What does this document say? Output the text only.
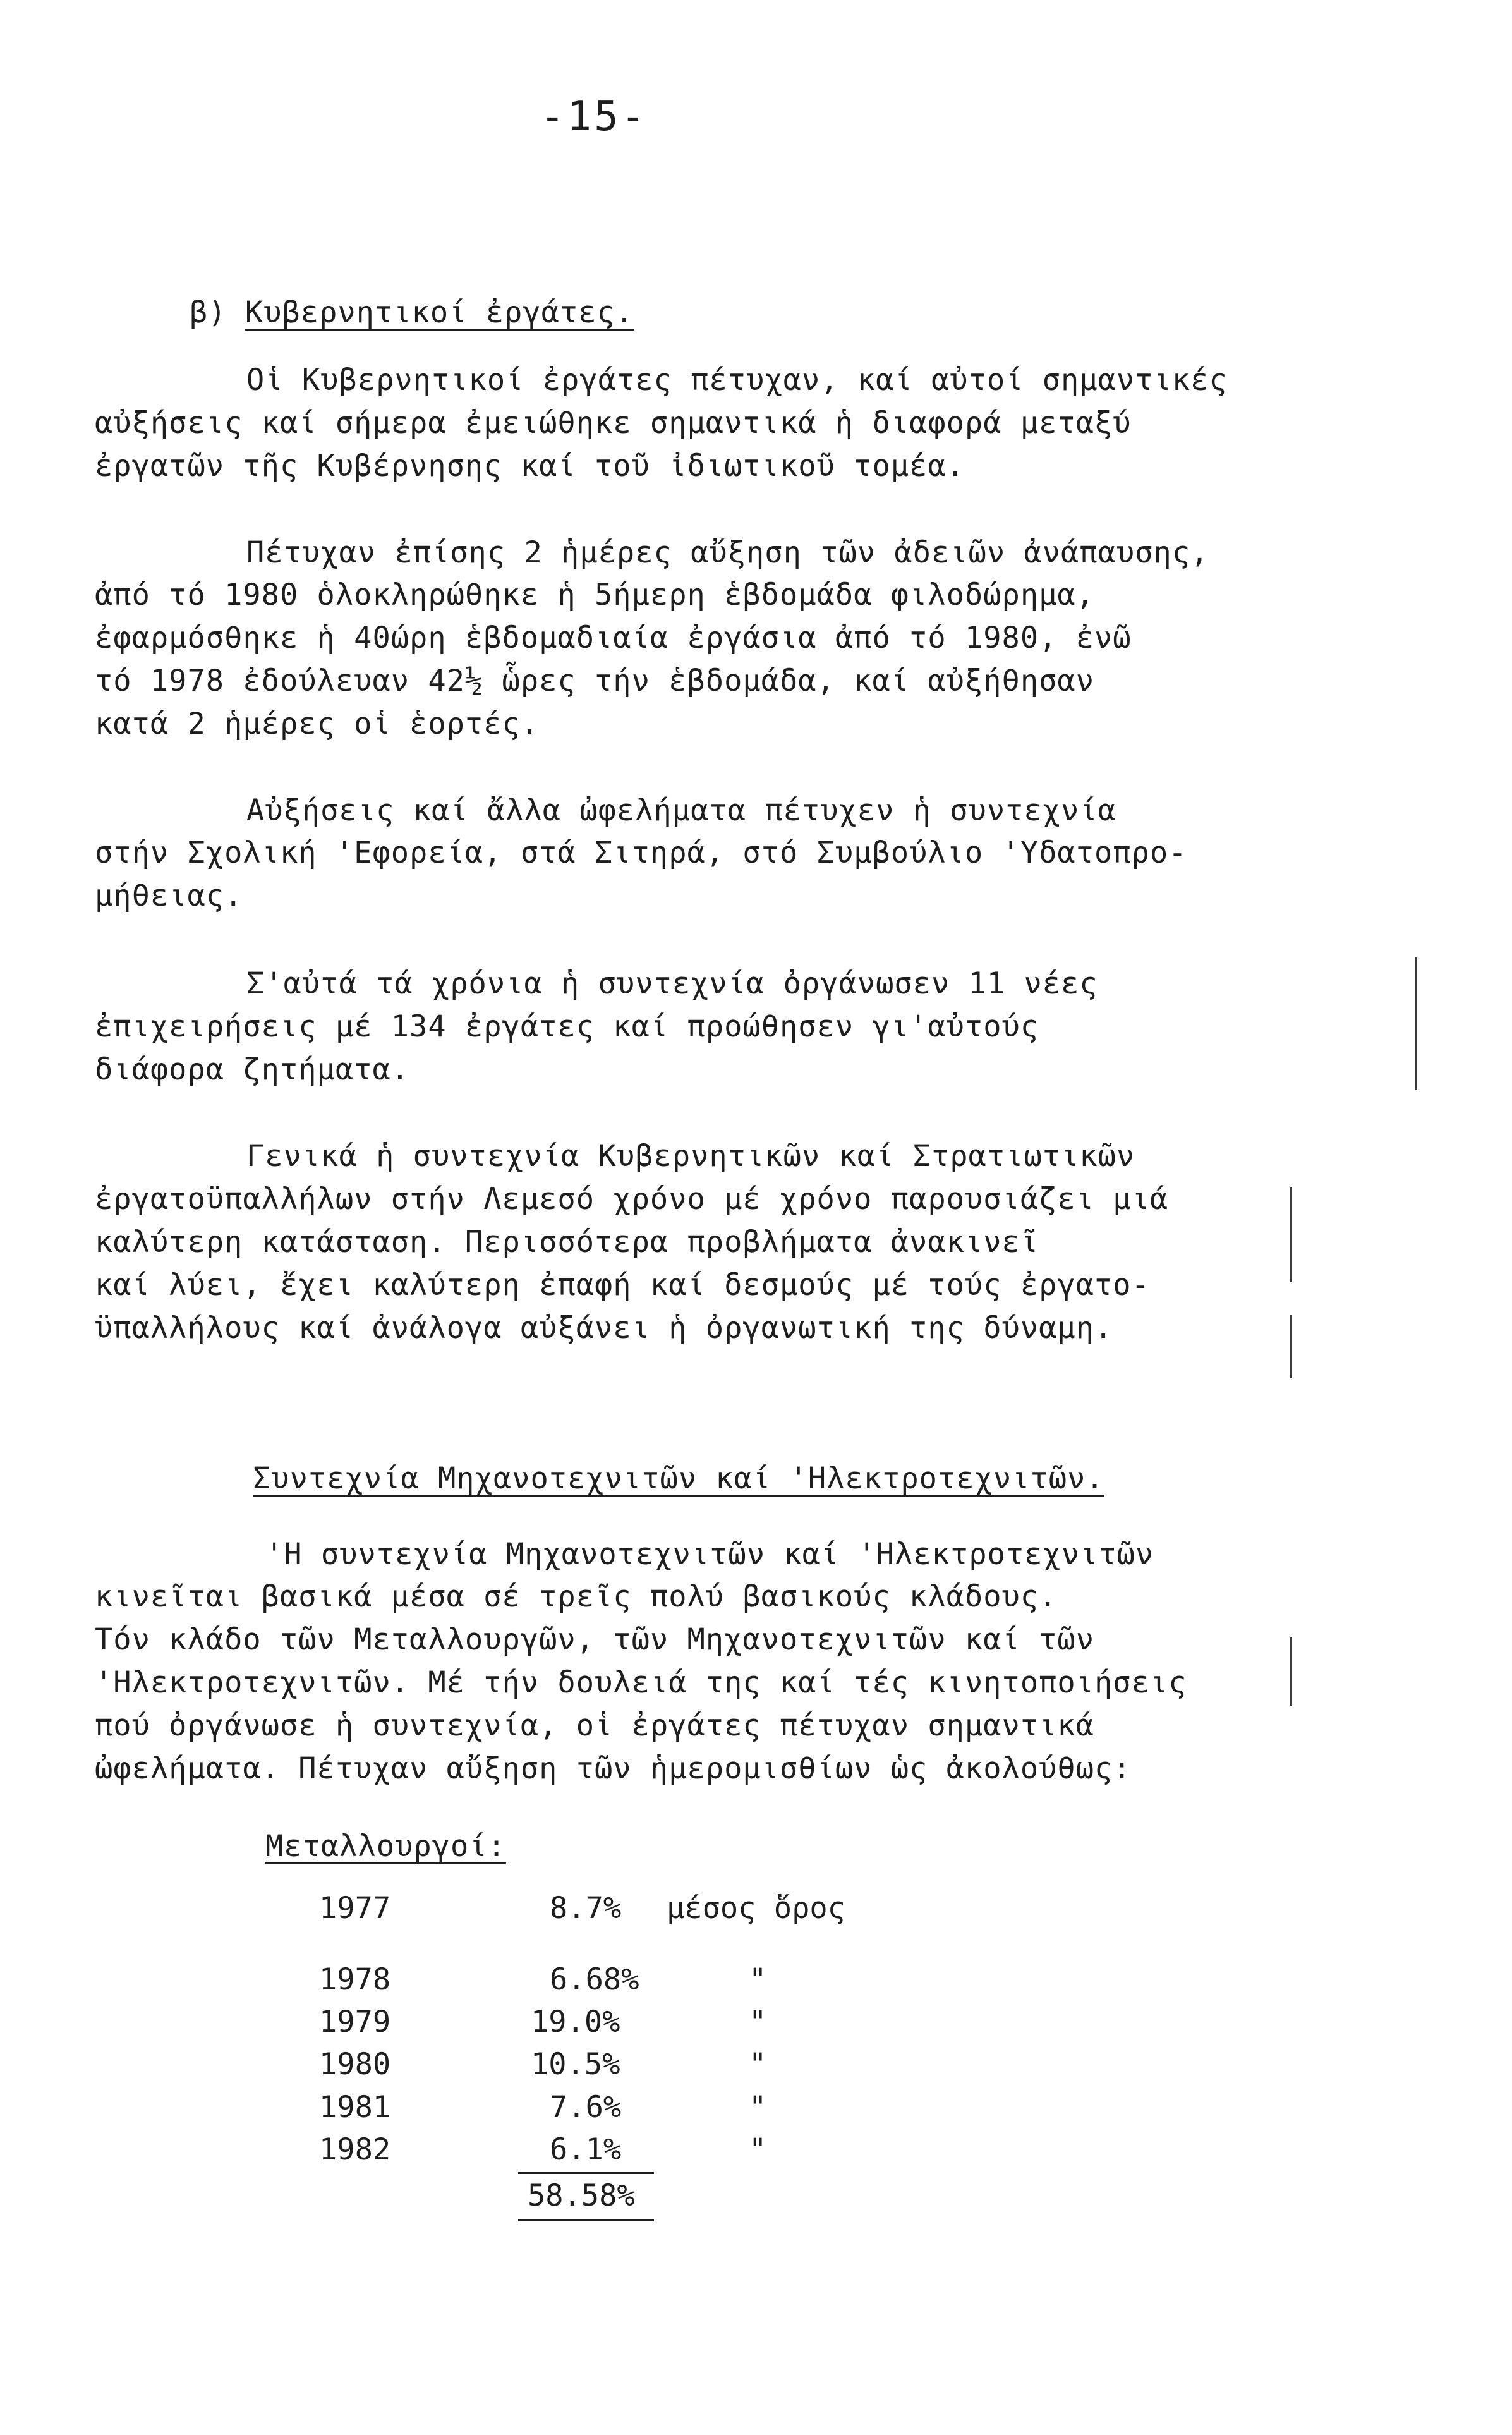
-15-
β) Κυβερνητικοί ἐργάτες.
Οἱ Κυβερνητικοί ἐργάτες πέτυχαν, καί αὐτοί σημαντικές
αὐξήσεις καί σήμερα ἐμειώθηκε σημαντικά ἡ διαφορά μεταξύ
ἐργατῶν τῆς Κυβέρνησης καί τοῦ ἰδιωτικοῦ τομέα.
Πέτυχαν ἐπίσης 2 ἡμέρες αὔξηση τῶν ἀδειῶν ἀνάπαυσης,
ἀπό τό 1980 ὁλοκληρώθηκε ἡ 5ήμερη ἑβδομάδα φιλοδώρημα,
ἐφαρμόσθηκε ἡ 40ώρη ἑβδομαδιαία ἐργάσια ἀπό τό 1980, ἐνῶ
τό 1978 ἐδούλευαν 42½ ὧρες τήν ἑβδομάδα, καί αὐξήθησαν
κατά 2 ἡμέρες οἱ ἑορτές.
Αὐξήσεις καί ἄλλα ὠφελήματα πέτυχεν ἡ συντεχνία
στήν Σχολική 'Εφορεία, στά Σιτηρά, στό Συμβούλιο 'Υδατοπρο-
μήθειας.
Σ'αὐτά τά χρόνια ἡ συντεχνία ὀργάνωσεν 11 νέες
ἐπιχειρήσεις μέ 134 ἐργάτες καί προώθησεν γι'αὐτούς
διάφορα ζητήματα.
Γενικά ἡ συντεχνία Κυβερνητικῶν καί Στρατιωτικῶν
ἐργατοϋπαλλήλων στήν Λεμεσό χρόνο μέ χρόνο παρουσιάζει μιά
καλύτερη κατάσταση. Περισσότερα προβλήματα ἀνακινεῖ
καί λύει, ἔχει καλύτερη ἐπαφή καί δεσμούς μέ τούς ἐργατο-
ϋπαλλήλους καί ἀνάλογα αὐξάνει ἡ ὀργανωτική της δύναμη.
Συντεχνία Μηχανοτεχνιτῶν καί 'Ηλεκτροτεχνιτῶν.
'Η συντεχνία Μηχανοτεχνιτῶν καί 'Ηλεκτροτεχνιτῶν
κινεῖται βασικά μέσα σέ τρεῖς πολύ βασικούς κλάδους.
Τόν κλάδο τῶν Μεταλλουργῶν, τῶν Μηχανοτεχνιτῶν καί τῶν
'Ηλεκτροτεχνιτῶν. Μέ τήν δουλειά της καί τές κινητοποιήσεις
πού ὀργάνωσε ἡ συντεχνία, οἱ ἐργάτες πέτυχαν σημαντικά
ὠφελήματα. Πέτυχαν αὔξηση τῶν ἡμερομισθίων ὡς ἀκολούθως:
Μεταλλουργοί:
1977	8.7% μέσος ὅρος
1978	6.68%	"
1979	19.0%	"
1980	10.5%	"
1981	7.6%	"
1982	6.1%	"
58.58%
